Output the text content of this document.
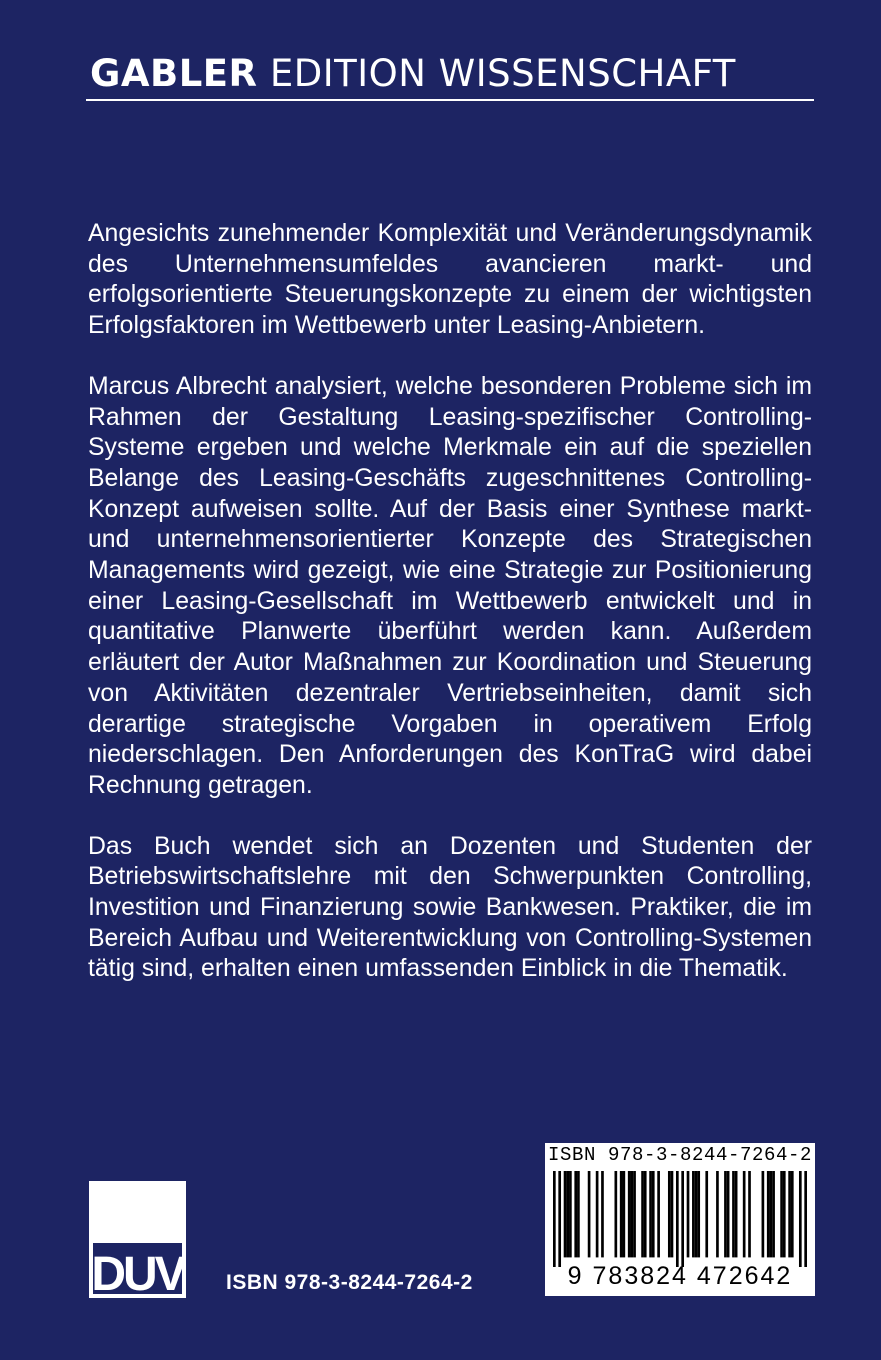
GABLER EDITION WISSENSCHAFT

Angesichts zunehmender Komplexität und Veränderungsdynamik des Unternehmensumfeldes avancieren markt- und erfolgsorientierte Steuerungskonzepte zu einem der wichtigsten Erfolgsfaktoren im Wettbewerb unter Leasing-Anbietern.

Marcus Albrecht analysiert, welche besonderen Probleme sich im Rahmen der Gestaltung Leasing-spezifischer Controlling-Systeme ergeben und welche Merkmale ein auf die speziellen Belange des Leasing-Geschäfts zugeschnittenes Controlling-Konzept aufweisen sollte. Auf der Basis einer Synthese markt- und unternehmensorientierter Konzepte des Strategischen Managements wird gezeigt, wie eine Strategie zur Positionierung einer Leasing-Gesellschaft im Wettbewerb entwickelt und in quantitative Planwerte überführt werden kann. Außerdem erläutert der Autor Maßnahmen zur Koordination und Steuerung von Aktivitäten dezentraler Vertriebseinheiten, damit sich derartige strategische Vorgaben in operativem Erfolg niederschlagen. Den Anforderungen des KonTraG wird dabei Rechnung getragen.

Das Buch wendet sich an Dozenten und Studenten der Betriebswirtschaftslehre mit den Schwerpunkten Controlling, Investition und Finanzierung sowie Bankwesen. Praktiker, die im Bereich Aufbau und Weiterentwicklung von Controlling-Systemen tätig sind, erhalten einen umfassenden Einblick in die Thematik.

ISBN 978-3-8244-7264-2
9 783824 472642
DUV ISBN 978-3-8244-7264-2
